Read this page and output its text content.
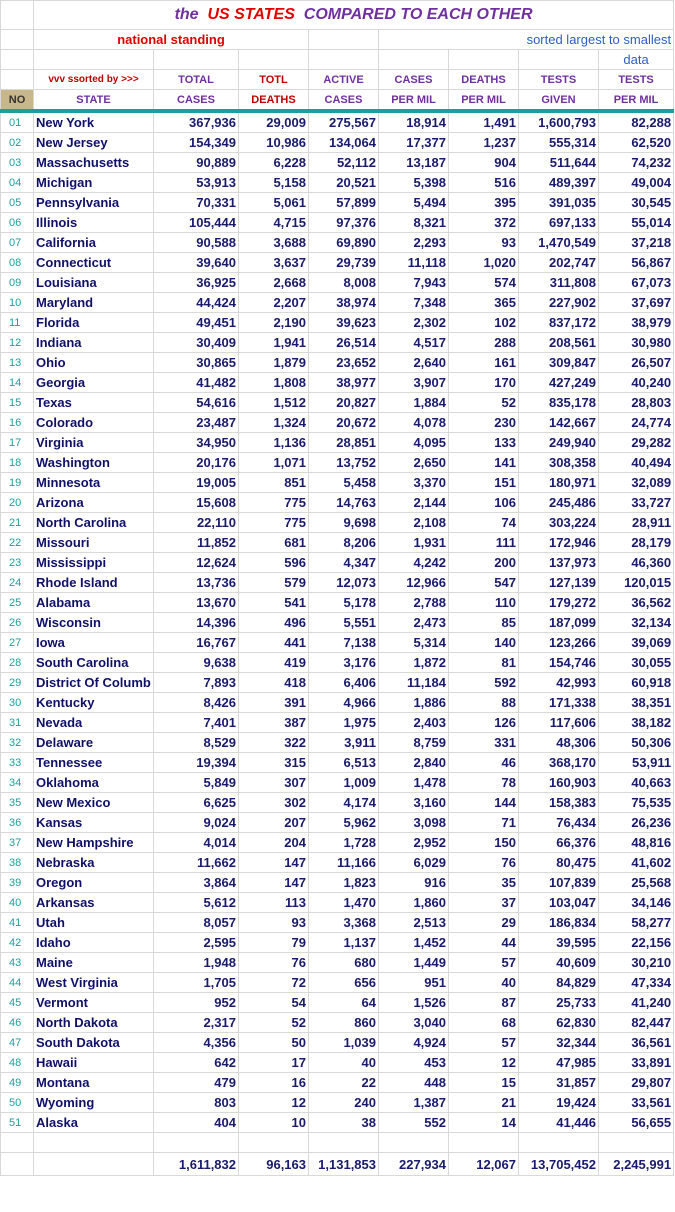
	the US STATES COMPARED TO EACH OTHER							
	national standing				sorted largest to smallest			
								data
	vvv ssorted by >>>	TOTAL	TOTL	ACTIVE	CASES	DEATHS	TESTS	TESTS
NO	STATE	CASES	DEATHS	CASES	PER MIL	PER MIL	GIVEN	PER MIL
01	New York	367,936	29,009	275,567	18,914	1,491	1,600,793	82,288
02	New Jersey	154,349	10,986	134,064	17,377	1,237	555,314	62,520
03	Massachusetts	90,889	6,228	52,112	13,187	904	511,644	74,232
04	Michigan	53,913	5,158	20,521	5,398	516	489,397	49,004
05	Pennsylvania	70,331	5,061	57,899	5,494	395	391,035	30,545
06	Illinois	105,444	4,715	97,376	8,321	372	697,133	55,014
07	California	90,588	3,688	69,890	2,293	93	1,470,549	37,218
08	Connecticut	39,640	3,637	29,739	11,118	1,020	202,747	56,867
09	Louisiana	36,925	2,668	8,008	7,943	574	311,808	67,073
10	Maryland	44,424	2,207	38,974	7,348	365	227,902	37,697
11	Florida	49,451	2,190	39,623	2,302	102	837,172	38,979
12	Indiana	30,409	1,941	26,514	4,517	288	208,561	30,980
13	Ohio	30,865	1,879	23,652	2,640	161	309,847	26,507
14	Georgia	41,482	1,808	38,977	3,907	170	427,249	40,240
15	Texas	54,616	1,512	20,827	1,884	52	835,178	28,803
16	Colorado	23,487	1,324	20,672	4,078	230	142,667	24,774
17	Virginia	34,950	1,136	28,851	4,095	133	249,940	29,282
18	Washington	20,176	1,071	13,752	2,650	141	308,358	40,494
19	Minnesota	19,005	851	5,458	3,370	151	180,971	32,089
20	Arizona	15,608	775	14,763	2,144	106	245,486	33,727
21	North Carolina	22,110	775	9,698	2,108	74	303,224	28,911
22	Missouri	11,852	681	8,206	1,931	111	172,946	28,179
23	Mississippi	12,624	596	4,347	4,242	200	137,973	46,360
24	Rhode Island	13,736	579	12,073	12,966	547	127,139	120,015
25	Alabama	13,670	541	5,178	2,788	110	179,272	36,562
26	Wisconsin	14,396	496	5,551	2,473	85	187,099	32,134
27	Iowa	16,767	441	7,138	5,314	140	123,266	39,069
28	South Carolina	9,638	419	3,176	1,872	81	154,746	30,055
29	District Of Columb	7,893	418	6,406	11,184	592	42,993	60,918
30	Kentucky	8,426	391	4,966	1,886	88	171,338	38,351
31	Nevada	7,401	387	1,975	2,403	126	117,606	38,182
32	Delaware	8,529	322	3,911	8,759	331	48,306	50,306
33	Tennessee	19,394	315	6,513	2,840	46	368,170	53,911
34	Oklahoma	5,849	307	1,009	1,478	78	160,903	40,663
35	New Mexico	6,625	302	4,174	3,160	144	158,383	75,535
36	Kansas	9,024	207	5,962	3,098	71	76,434	26,236
37	New Hampshire	4,014	204	1,728	2,952	150	66,376	48,816
38	Nebraska	11,662	147	11,166	6,029	76	80,475	41,602
39	Oregon	3,864	147	1,823	916	35	107,839	25,568
40	Arkansas	5,612	113	1,470	1,860	37	103,047	34,146
41	Utah	8,057	93	3,368	2,513	29	186,834	58,277
42	Idaho	2,595	79	1,137	1,452	44	39,595	22,156
43	Maine	1,948	76	680	1,449	57	40,609	30,210
44	West Virginia	1,705	72	656	951	40	84,829	47,334
45	Vermont	952	54	64	1,526	87	25,733	41,240
46	North Dakota	2,317	52	860	3,040	68	62,830	82,447
47	South Dakota	4,356	50	1,039	4,924	57	32,344	36,561
48	Hawaii	642	17	40	453	12	47,985	33,891
49	Montana	479	16	22	448	15	31,857	29,807
50	Wyoming	803	12	240	1,387	21	19,424	33,561
51	Alaska	404	10	38	552	14	41,446	56,655

		1,611,832	96,163	1,131,853	227,934	12,067	13,705,452	2,245,991
